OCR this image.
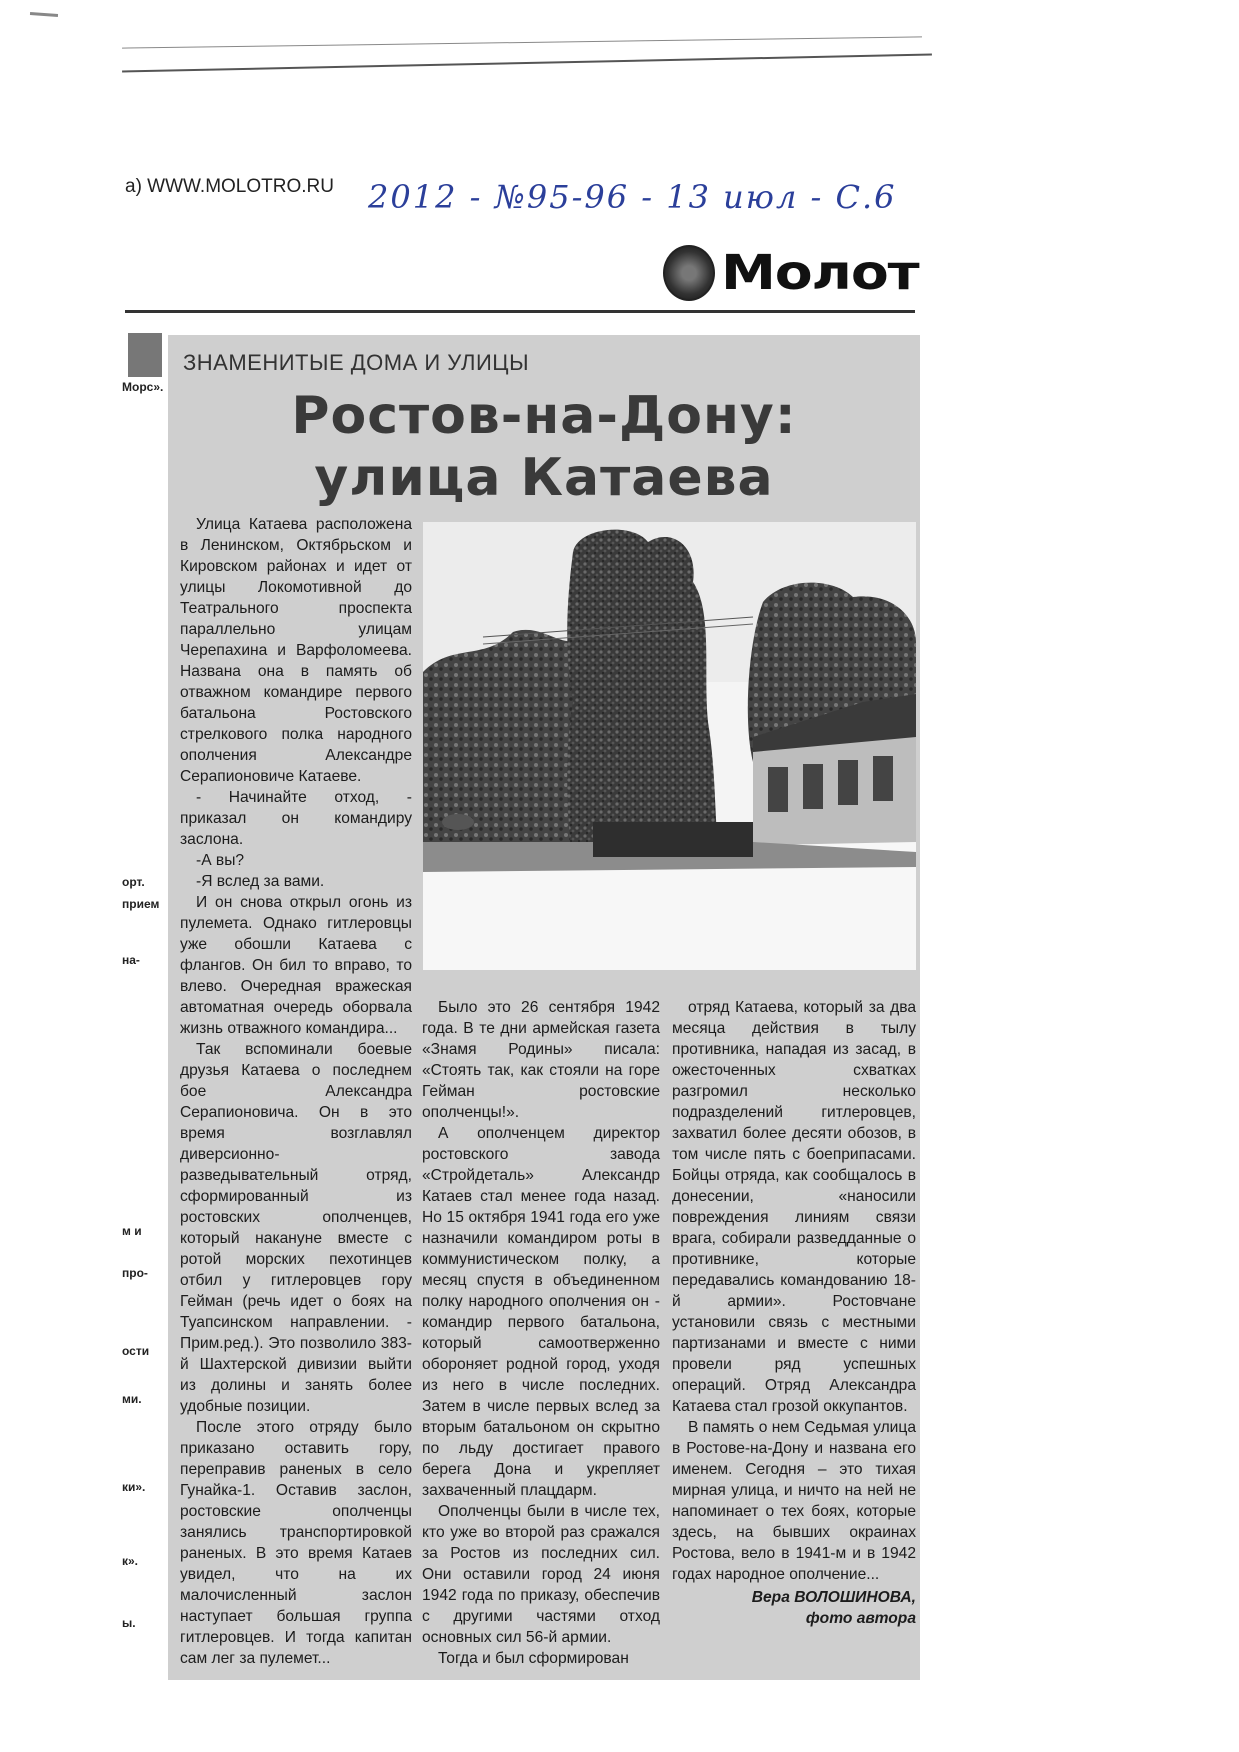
а) WWW.MOLOTRO.RU 2012 - №95-96 - 13 июл - С.6
Молот
Морс».
орт.
прием
на-
м и
про-
ости
ми.
ки».
к».
ы.
ЗНАМЕНИТЫЕ ДОМА И УЛИЦЫ
Ростов-на-Дону:
улица Катаева

Улица Катаева расположена в Ленинском, Октябрьском и Кировском районах и идет от улицы Локомотивной до Театрального проспекта параллельно улицам Черепахина и Варфоломеева. Названа она в память об отважном командире первого батальона Ростовского стрелкового полка народного ополчения Александре Серапионовиче Катаеве.

- Начинайте отход, - приказал он командиру заслона.

-А вы?

-Я вслед за вами.

И он снова открыл огонь из пулемета. Однако гитлеровцы уже обошли Катаева с флангов. Он бил то вправо, то влево. Очередная вражеская автоматная очередь оборвала жизнь отважного командира...

Так вспоминали боевые друзья Катаева о последнем бое Александра Серапионовича. Он в это время возглавлял диверсионно-разведывательный отряд, сформированный из ростовских ополченцев, который накануне вместе с ротой морских пехотинцев отбил у гитлеровцев гору Гейман (речь идет о боях на Туапсинском направлении. - Прим.ред.). Это позволило 383-й Шахтерской дивизии выйти из долины и занять более удобные позиции.

После этого отряду было приказано оставить гору, переправив раненых в село Гунайка-1. Оставив заслон, ростовские ополченцы занялись транспортировкой раненых. В это время Катаев увидел, что на их малочисленный заслон наступает большая группа гитлеровцев. И тогда капитан сам лег за пулемет...

Было это 26 сентября 1942 года. В те дни армейская газета «Знамя Родины» писала: «Стоять так, как стояли на горе Гейман ростовские ополченцы!».

А ополченцем директор ростовского завода «Стройдеталь» Александр Катаев стал менее года назад. Но 15 октября 1941 года его уже назначили командиром роты в коммунистическом полку, а месяц спустя в объединенном полку народного ополчения он - командир первого батальона, который самоотверженно обороняет родной город, уходя из него в числе последних. Затем в числе первых вслед за вторым батальоном он скрытно по льду достигает правого берега Дона и укрепляет захваченный плацдарм.

Ополченцы были в числе тех, кто уже во второй раз сражался за Ростов из последних сил. Они оставили город 24 июня 1942 года по приказу, обеспечив с другими частями отход основных сил 56-й армии.

Тогда и был сформирован

отряд Катаева, который за два месяца действия в тылу противника, нападая из засад, в ожесточенных схватках разгромил несколько подразделений гитлеровцев, захватил более десяти обозов, в том числе пять с боеприпасами. Бойцы отряда, как сообщалось в донесении, «наносили повреждения линиям связи врага, собирали разведданные о противнике, которые передавались командованию 18-й армии». Ростовчане установили связь с местными партизанами и вместе с ними провели ряд успешных операций. Отряд Александра Катаева стал грозой оккупантов.

В память о нем Седьмая улица в Ростове-на-Дону и названа его именем. Сегодня – это тихая мирная улица, и ничто на ней не напоминает о тех боях, которые здесь, на бывших окраинах Ростова, вело в 1941-м и в 1942 годах народное ополчение...

Вера ВОЛОШИНОВА,
фото автора
